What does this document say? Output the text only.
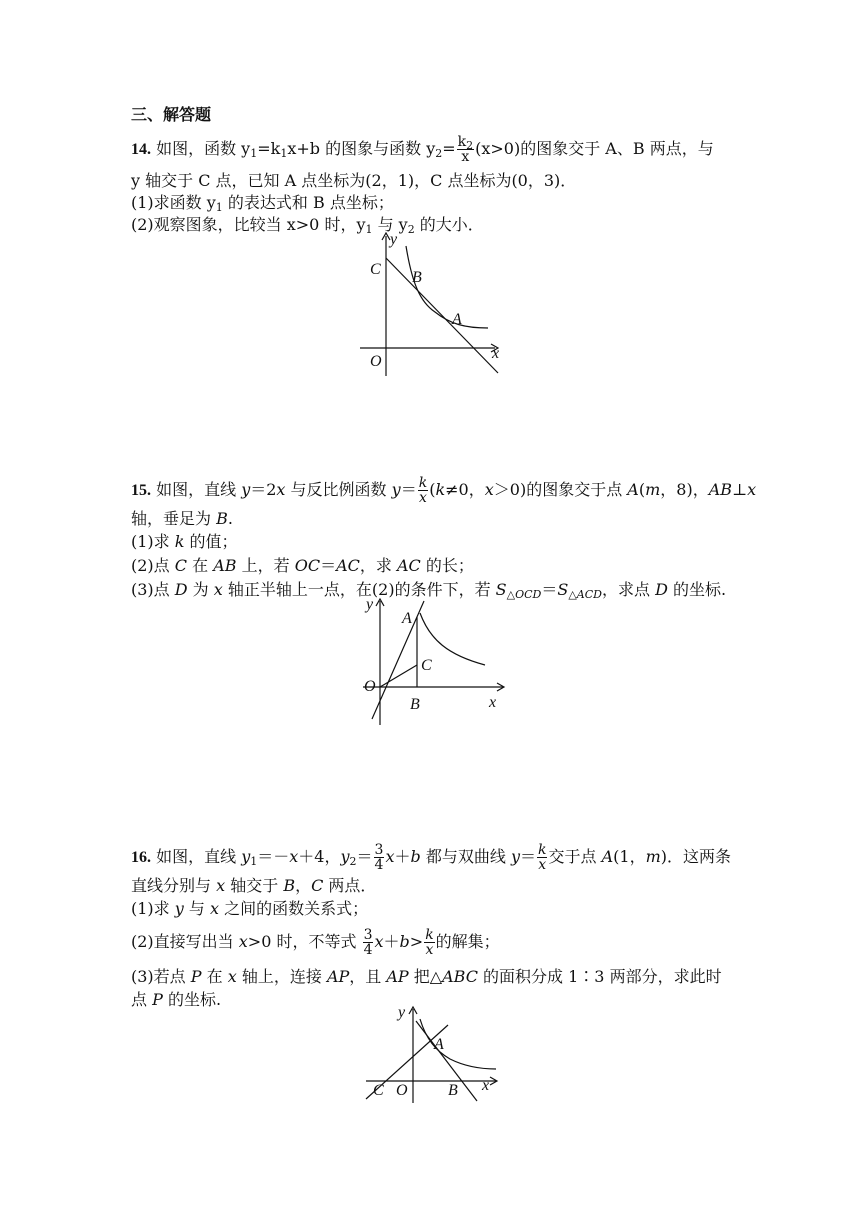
三、解答题
14. 如图，函数 $y_1=k_1x+b$ 的图象与函数 $y_2= \frac{k_2}{x} (x>0)$的图象交于 A、B 两点，与
y 轴交于 C 点，已知 A 点坐标为(2，1)，C 点坐标为(0，3)．
(1)求函数 $y_1$ 的表达式和 B 点坐标；
(2)观察图象，比较当 x>0 时，$y_1$ 与 $y_2$ 的大小．
y
x
O
C B
A
15. 如图，直线 y＝2x 与反比例函数 $y= \frac{k}{x} (k\ne 0$，x＞0)的图象交于点 A(m，8)，AB⊥x
轴，垂足为 B.
(1)求 k 的值；
(2)点 C 在 AB 上，若 OC＝AC，求 AC 的长；
(3)点 D 为 x 轴正半轴上一点，在(2)的条件下，若 $S_{\triangle OCD}=S_{\triangle ACD}$，求点 D 的坐标.
y
x
O
A
C
B
16. 如图，直线 $y_1=-x+4$，$y_2= \frac{3}{4} x+b$ 都与双曲线 $y= \frac{k}{x}$ 交于点 A(1，m)．这两条
直线分别与 x 轴交于 B，C 两点．
(1)求 y 与 x 之间的函数关系式；
(2)直接写出当 x>0 时，不等式 $\frac{3}{4} x+b> \frac{k}{x}$ 的解集；
(3)若点 P 在 x 轴上，连接 AP，且 AP 把△ABC 的面积分成 1∶3 两部分，求此时
点 P 的坐标.
y
x
C O	B
A
